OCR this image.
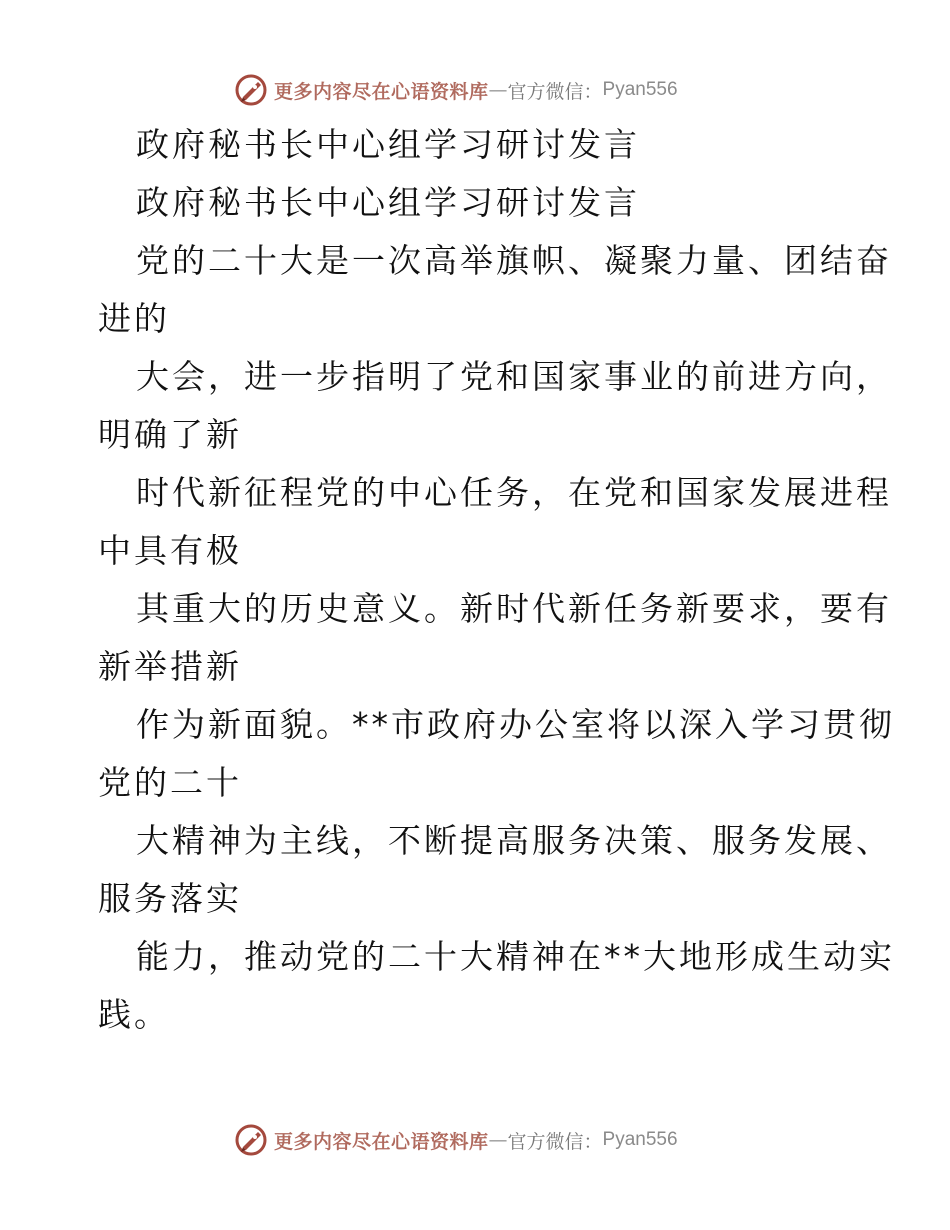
更多内容尽在心语资料库 — 官方微信： Pyan556
政府秘书长中心组学习研讨发言
政府秘书长中心组学习研讨发言
党的二十大是一次高举旗帜、凝聚力量、团结奋
进的
大会，进一步指明了党和国家事业的前进方向，
明确了新
时代新征程党的中心任务，在党和国家发展进程
中具有极
其重大的历史意义。新时代新任务新要求，要有
新举措新
作为新面貌。**市政府办公室将以深入学习贯彻
党的二十
大精神为主线，不断提高服务决策、服务发展、
服务落实
能力，推动党的二十大精神在**大地形成生动实
践。
更多内容尽在心语资料库 — 官方微信： Pyan556
